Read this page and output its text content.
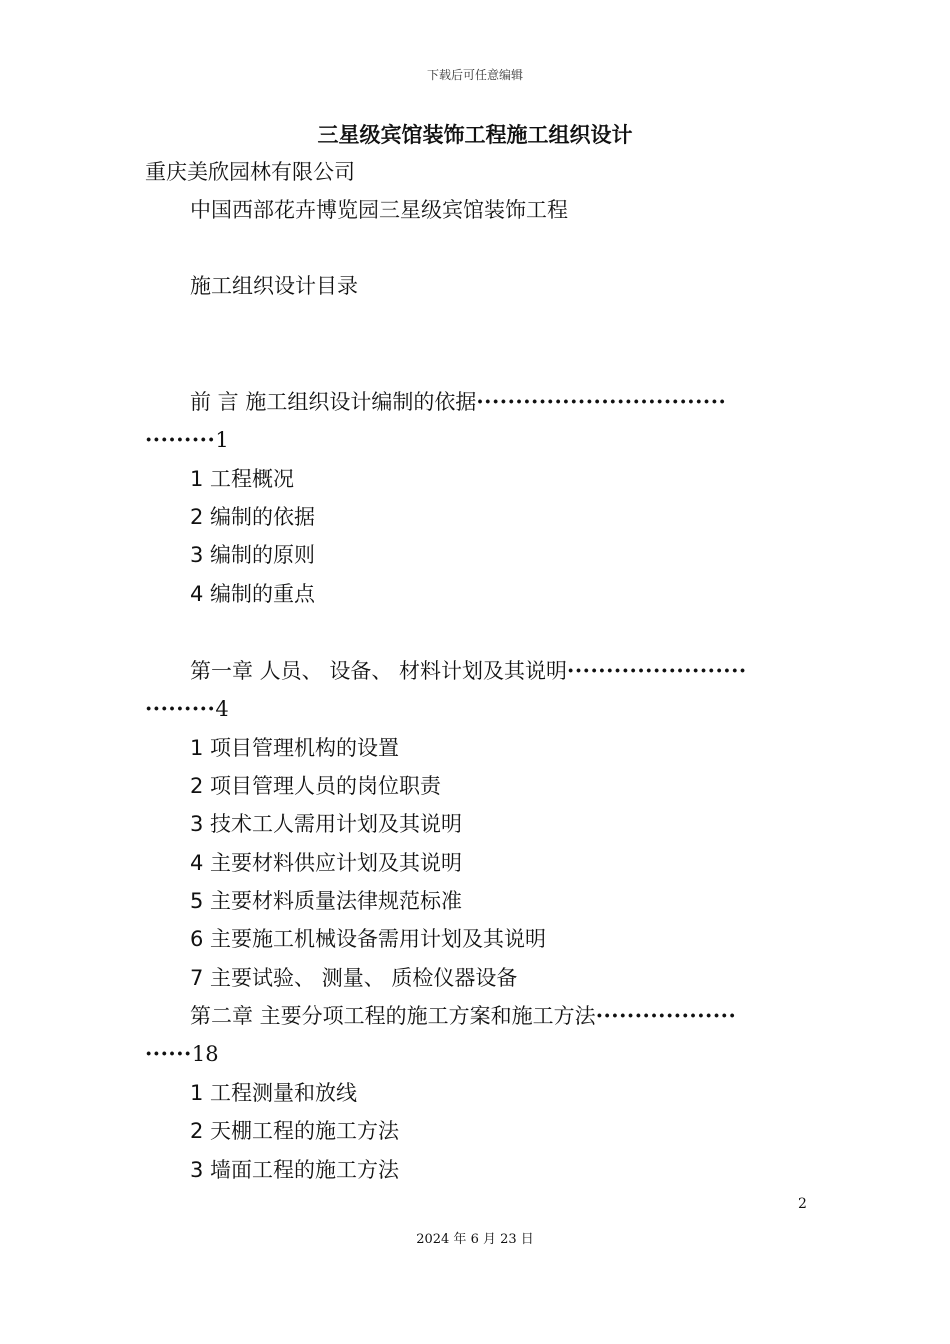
下载后可任意编辑
三星级宾馆装饰工程施工组织设计
重庆美欣园林有限公司
中国西部花卉博览园三星级宾馆装饰工程
施工组织设计目录
前 言 施工组织设计编制的依据································
·········1
1 工程概况
2 编制的依据
3 编制的原则
4 编制的重点
第一章 人员、 设备、 材料计划及其说明·······················
·········4
1 项目管理机构的设置
2 项目管理人员的岗位职责
3 技术工人需用计划及其说明
4 主要材料供应计划及其说明
5 主要材料质量法律规范标准
6 主要施工机械设备需用计划及其说明
7 主要试验、 测量、 质检仪器设备
第二章 主要分项工程的施工方案和施工方法··················
······18
1 工程测量和放线
2 天棚工程的施工方法
3 墙面工程的施工方法
2
2024 年 6 月 23 日
